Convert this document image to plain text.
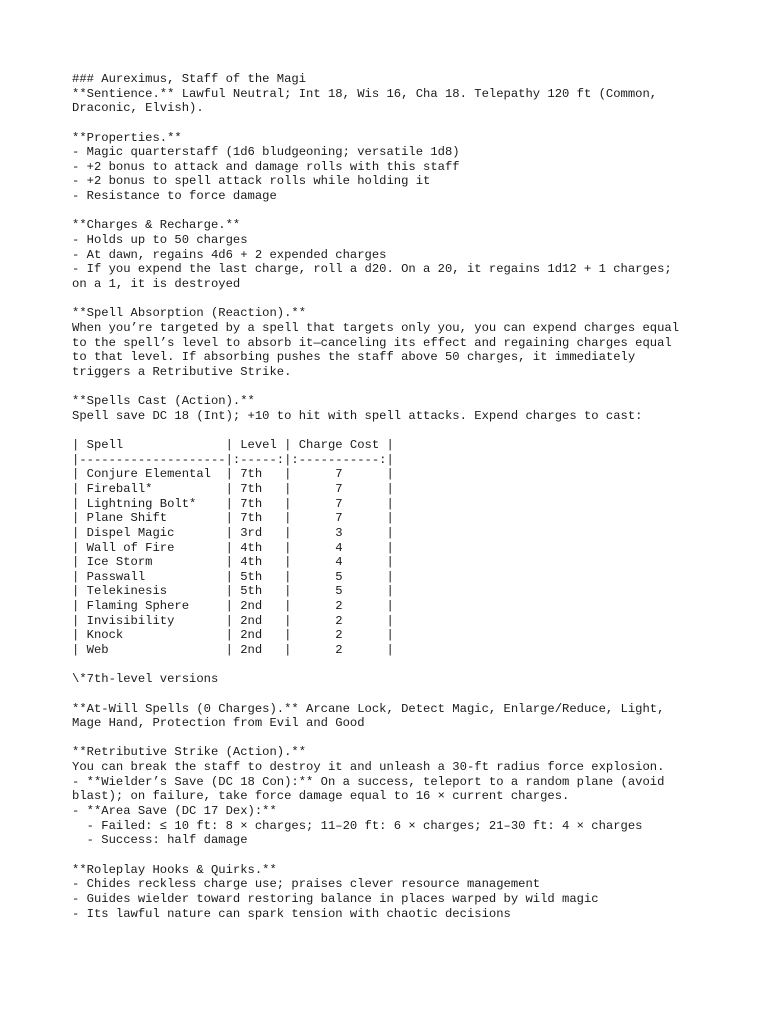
### Aureximus, Staff of the Magi
**Sentience.** Lawful Neutral; Int 18, Wis 16, Cha 18. Telepathy 120 ft (Common,
Draconic, Elvish).
**Properties.**
- Magic quarterstaff (1d6 bludgeoning; versatile 1d8)
- +2 bonus to attack and damage rolls with this staff
- +2 bonus to spell attack rolls while holding it
- Resistance to force damage
**Charges & Recharge.**
- Holds up to 50 charges
- At dawn, regains 4d6 + 2 expended charges
- If you expend the last charge, roll a d20. On a 20, it regains 1d12 + 1 charges;
on a 1, it is destroyed
**Spell Absorption (Reaction).**
When you’re targeted by a spell that targets only you, you can expend charges equal
to the spell’s level to absorb it—canceling its effect and regaining charges equal
to that level. If absorbing pushes the staff above 50 charges, it immediately
triggers a Retributive Strike.
**Spells Cast (Action).**
Spell save DC 18 (Int); +10 to hit with spell attacks. Expend charges to cast:
| Spell              | Level | Charge Cost |
|--------------------|:-----:|:-----------:|
| Conjure Elemental  | 7th   |      7      |
| Fireball*          | 7th   |      7      |
| Lightning Bolt*    | 7th   |      7      |
| Plane Shift        | 7th   |      7      |
| Dispel Magic       | 3rd   |      3      |
| Wall of Fire       | 4th   |      4      |
| Ice Storm          | 4th   |      4      |
| Passwall           | 5th   |      5      |
| Telekinesis        | 5th   |      5      |
| Flaming Sphere     | 2nd   |      2      |
| Invisibility       | 2nd   |      2      |
| Knock              | 2nd   |      2      |
| Web                | 2nd   |      2      |
\*7th-level versions
**At-Will Spells (0 Charges).** Arcane Lock, Detect Magic, Enlarge/Reduce, Light,
Mage Hand, Protection from Evil and Good
**Retributive Strike (Action).**
You can break the staff to destroy it and unleash a 30-ft radius force explosion.
- **Wielder’s Save (DC 18 Con):** On a success, teleport to a random plane (avoid
blast); on failure, take force damage equal to 16 × current charges.
- **Area Save (DC 17 Dex):**
- Failed: ≤ 10 ft: 8 × charges; 11–20 ft: 6 × charges; 21–30 ft: 4 × charges
- Success: half damage
**Roleplay Hooks & Quirks.**
- Chides reckless charge use; praises clever resource management
- Guides wielder toward restoring balance in places warped by wild magic
- Its lawful nature can spark tension with chaotic decisions
